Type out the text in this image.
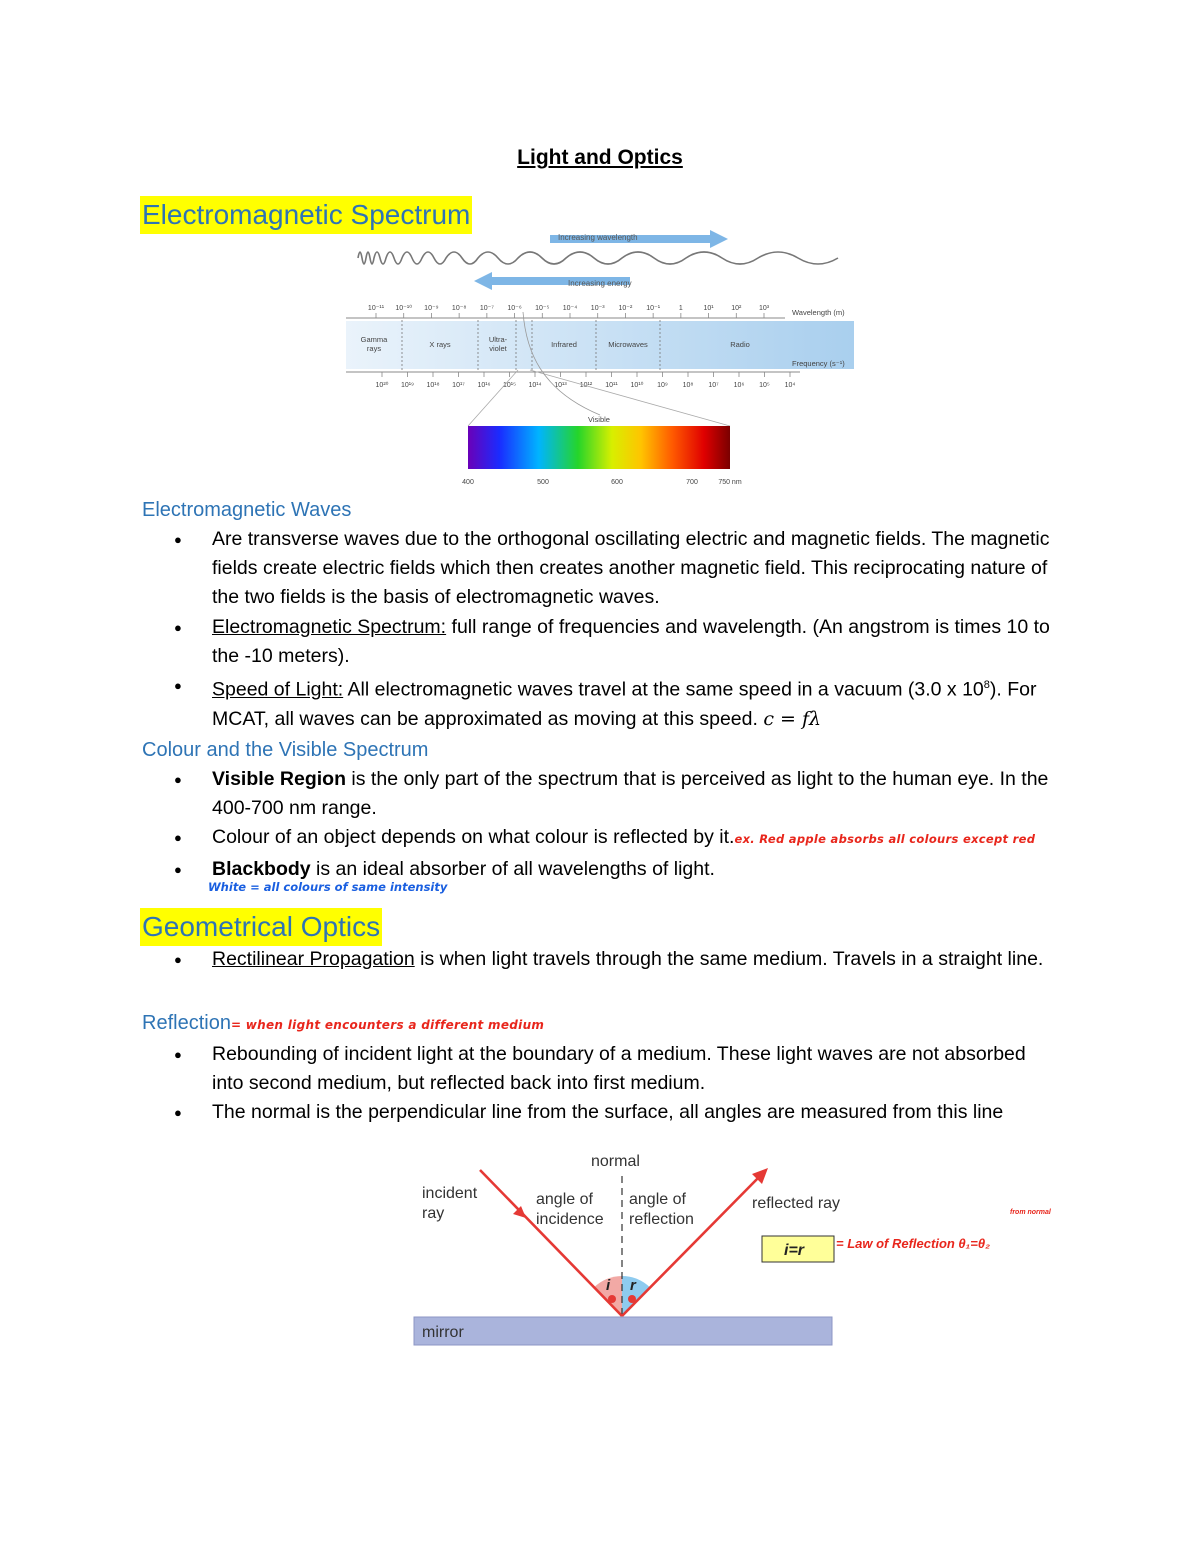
Light and Optics
Electromagnetic Spectrum
Increasing wavelength
Increasing energy
Wavelength (m)
10⁻¹¹ 10⁻¹⁰ 10⁻⁹ 10⁻⁸ 10⁻⁷ 10⁻⁶ 10⁻⁵ 10⁻⁴ 10⁻³ 10⁻² 10⁻¹	1	10¹	10²	10³
Gamma rays	X rays
Ultra-violet	Infrared	Microwaves	Radio
Frequency (s⁻¹)
10²⁰ 10¹⁹ 10¹⁸ 10¹⁷ 10¹⁶ 10¹⁵ 10¹⁴ 10¹³ 10¹² 10¹¹ 10¹⁰ 10⁹ 10⁸ 10⁷ 10⁶ 10⁵ 10⁴
Visible
400	500	600	700	750 nm
Electromagnetic Waves
● Are transverse waves due to the orthogonal oscillating electric and magnetic fields. The magnetic fields create electric fields which then creates another magnetic field. This reciprocating nature of the two fields is the basis of electromagnetic waves.
● Electromagnetic Spectrum: full range of frequencies and wavelength. (An angstrom is times 10 to the -10 meters).
● Speed of Light: All electromagnetic waves travel at the same speed in a vacuum (3.0 x $10^8$). For MCAT, all waves can be approximated as moving at this speed. c = fλ
Colour and the Visible Spectrum
● Visible Region is the only part of the spectrum that is perceived as light to the human eye. In the 400-700 nm range.
● Colour of an object depends on what colour is reflected by it.ex. Red apple absorbs all colours except red
● Blackbody is an ideal absorber of all wavelengths of light.
White = all colours of same intensity
Geometrical Optics
● Rectilinear Propagation is when light travels through the same medium. Travels in a straight line.
Reflection= when light encounters a different medium
● Rebounding of incident light at the boundary of a medium. These light waves are not absorbed into second medium, but reflected back into first medium.
● The normal is the perpendicular line from the surface, all angles are measured from this line
mirror
normal
incident ray
angle of incidence
angle of reflection
reflected ray
i r
i=r = Law of Reflection θ₁=θ₂
from normal
